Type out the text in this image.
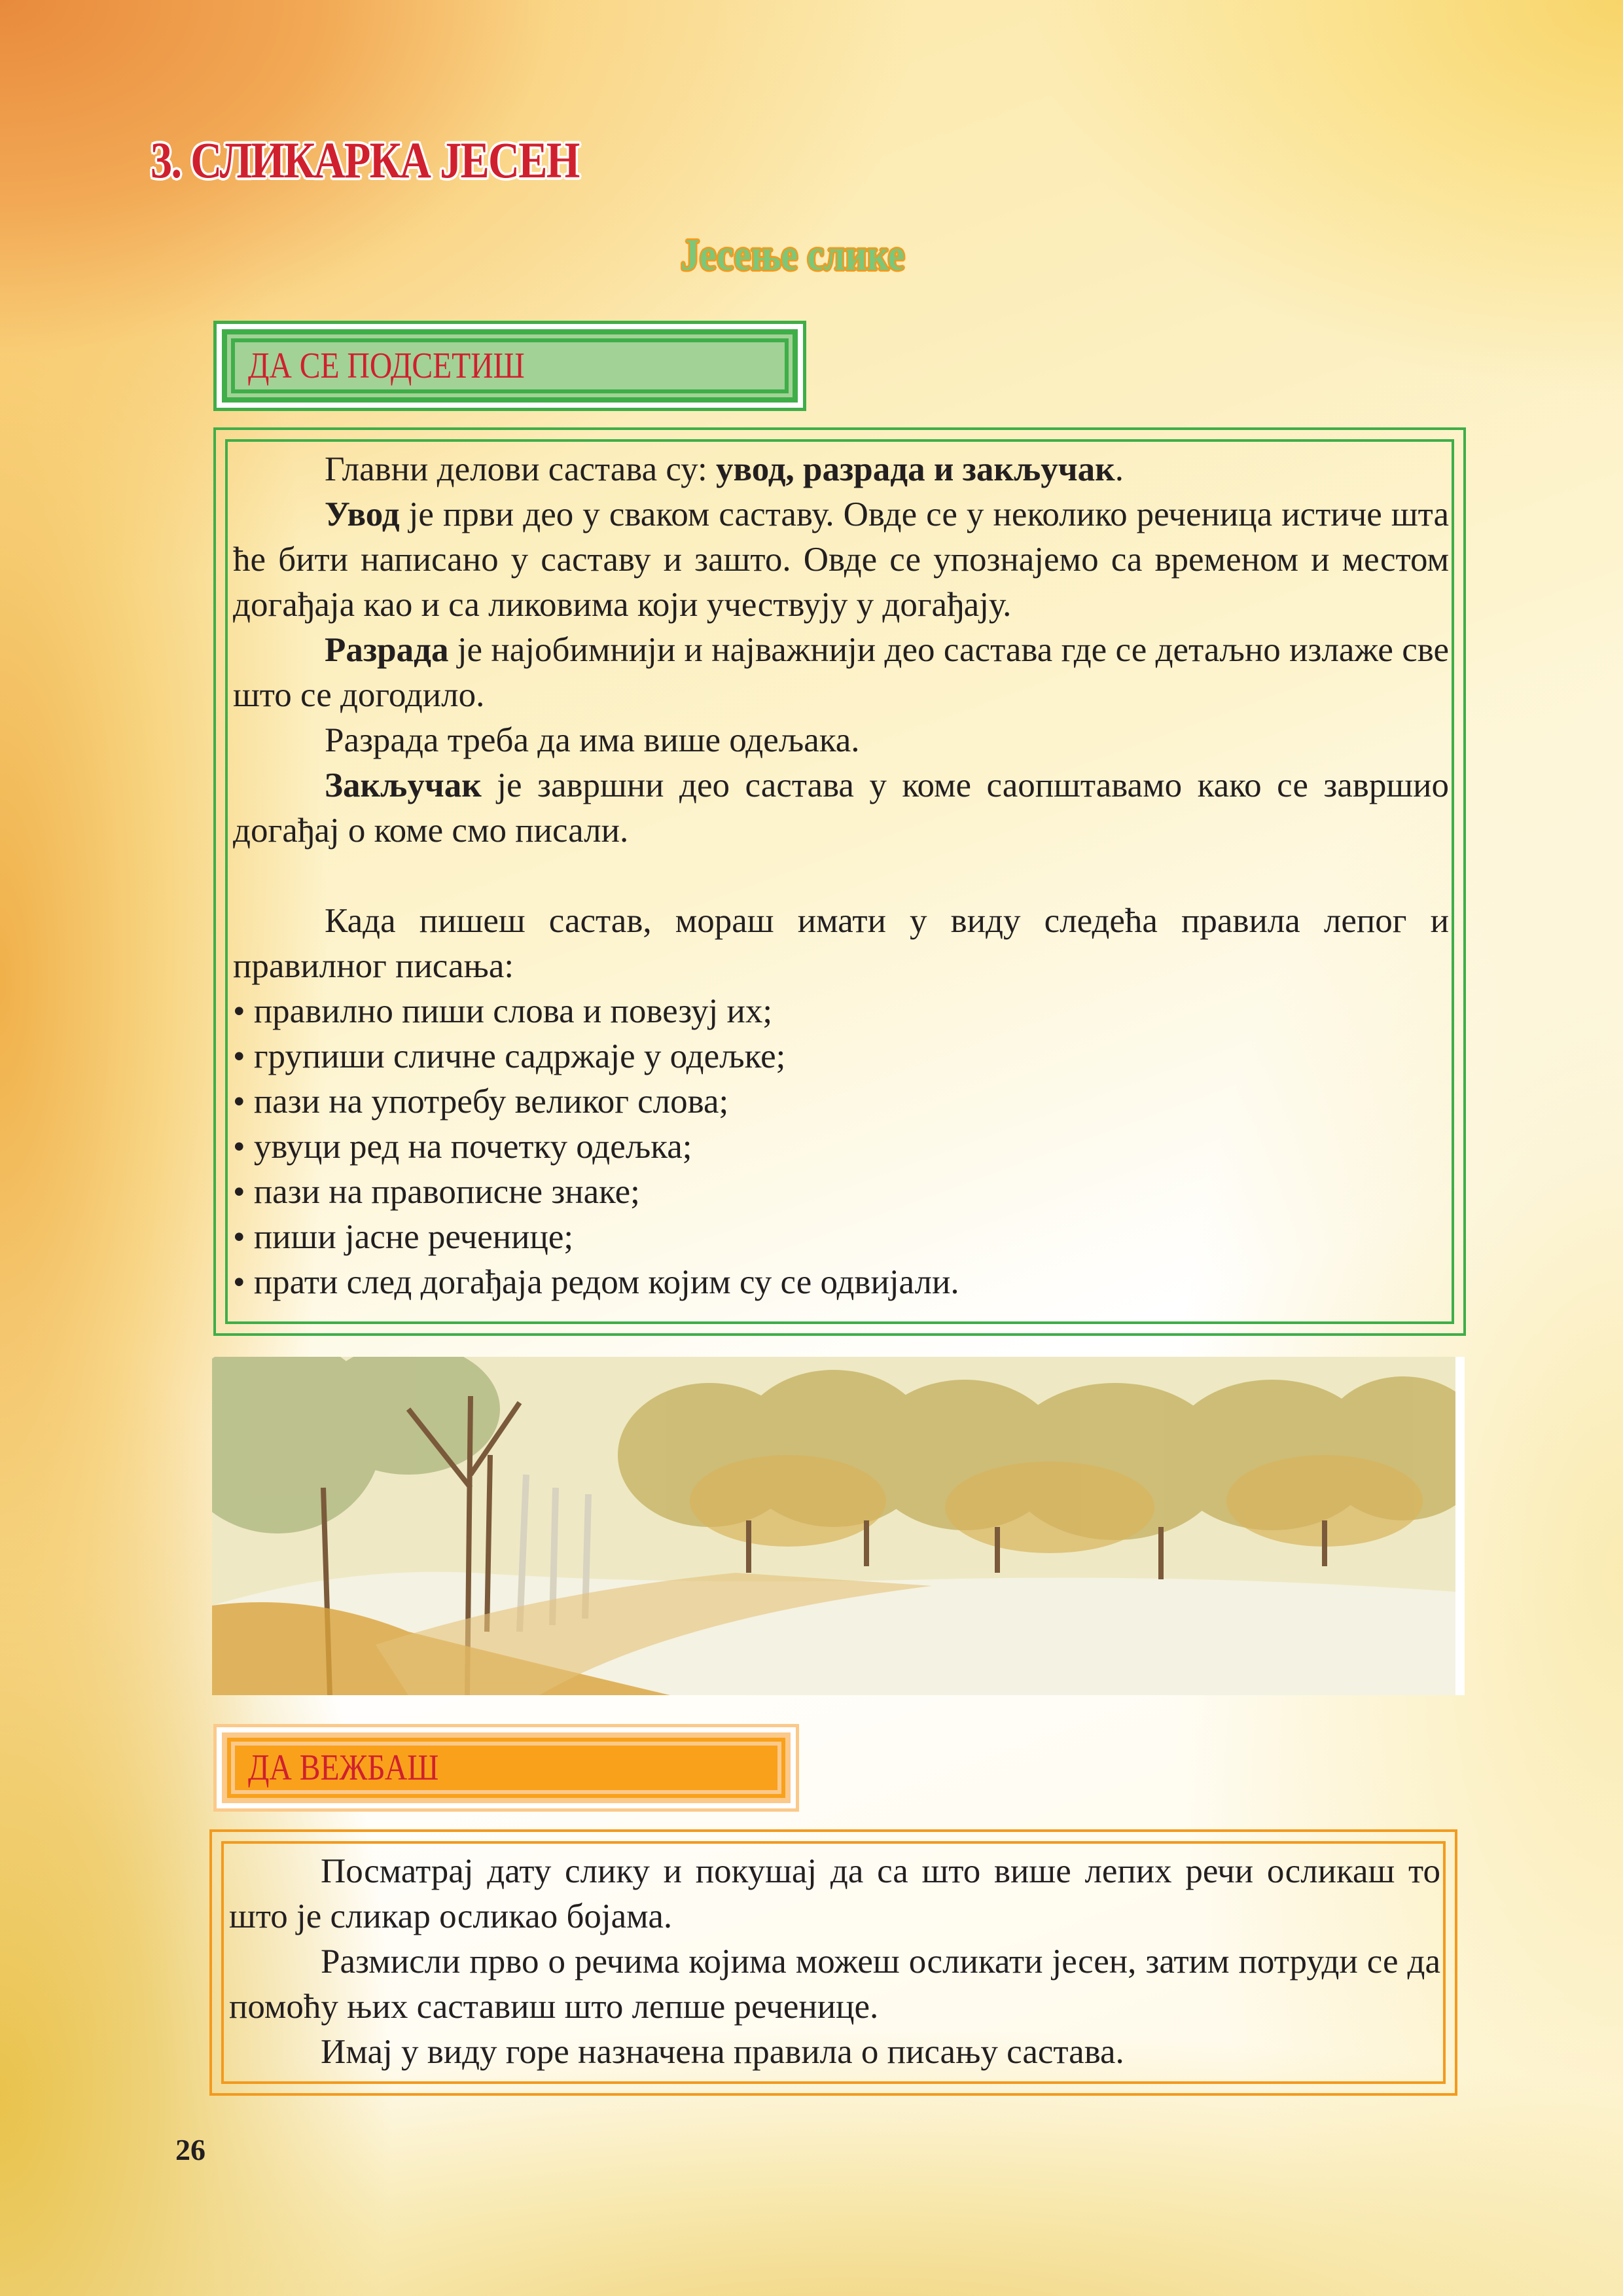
3. СЛИКАРКА ЈЕСЕН
Јесење слике
ДА СЕ ПОДСЕТИШ

Главни делови састава су: увод, разрада и закључак.

Увод је први део у сваком саставу. Овде се у неколико реченица истиче шта ће бити написано у саставу и зашто. Овде се упознајемо са временом и местом догађаја као и са ликовима који учествују у догађају.

Разрада је најобимнији и најважнији део састава где се детаљно излаже све што се догодило.

Разрада треба да има више одељака.

Закључак је завршни део састава у коме саопштавамо како се завршио догађај о коме смо писали.

Када пишеш састав, мораш имати у виду следећа правила лепог и правилног писања:

• правилно пиши слова и повезуј их;
• групиши сличне садржаје у одељке;
• пази на употребу великог слова;
• увуци ред на почетку одељка;
• пази на правописне знаке;
• пиши јасне реченице;
• прати след догађаја редом којим су се одвијали.
ДА ВЕЖБАШ

Посматрај дату слику и покушај да са што више лепих речи осликаш то што је сликар осликао бојама.

Размисли прво о речима којима можеш осликати јесен, затим потруди се да помоћу њих саставиш што лепше реченице.

Имај у виду горе назначена правила о писању састава.

26
